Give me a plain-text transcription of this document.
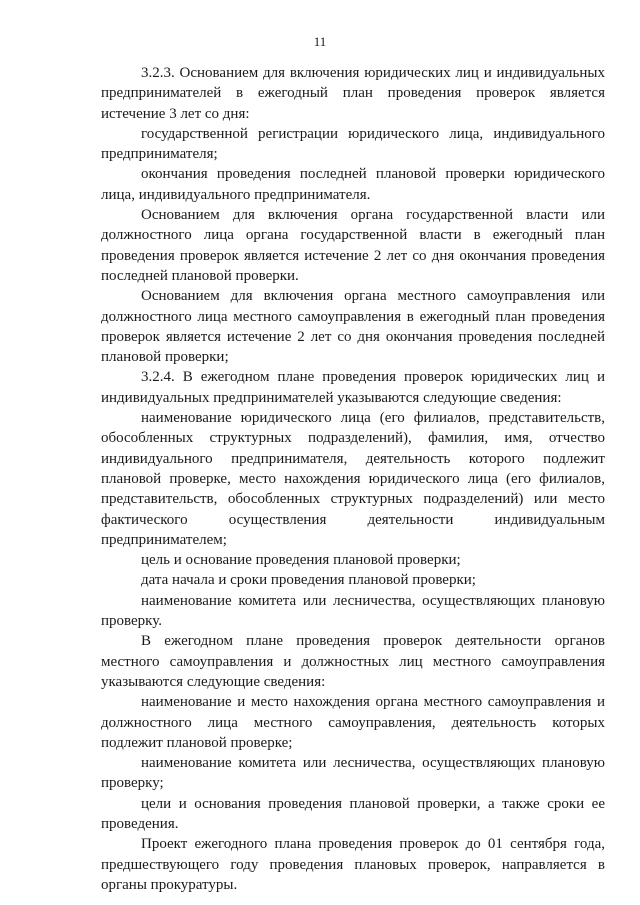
11

3.2.3. Основанием для включения юридических лиц и индивидуальных предпринимателей в ежегодный план проведения проверок является истечение 3 лет со дня:

государственной регистрации юридического лица, индивидуального предпринимателя;

окончания проведения последней плановой проверки юридического лица, индивидуального предпринимателя.

Основанием для включения органа государственной власти или должностного лица органа государственной власти в ежегодный план проведения проверок является истечение 2 лет со дня окончания проведения последней плановой проверки.

Основанием для включения органа местного самоуправления или должностного лица местного самоуправления в ежегодный план проведения проверок является истечение 2 лет со дня окончания проведения последней плановой проверки;

3.2.4. В ежегодном плане проведения проверок юридических лиц и индивидуальных предпринимателей указываются следующие сведения:

наименование юридического лица (его филиалов, представительств, обособленных структурных подразделений), фамилия, имя, отчество индивидуального предпринимателя, деятельность которого подлежит плановой проверке, место нахождения юридического лица (его филиалов, представительств, обособленных структурных подразделений) или место фактического осуществления деятельности индивидуальным предпринимателем;

цель и основание проведения плановой проверки;

дата начала и сроки проведения плановой проверки;

наименование комитета или лесничества, осуществляющих плановую проверку.

В ежегодном плане проведения проверок деятельности органов местного самоуправления и должностных лиц местного самоуправления указываются следующие сведения:

наименование и место нахождения органа местного самоуправления и должностного лица местного самоуправления, деятельность которых подлежит плановой проверке;

наименование комитета или лесничества, осуществляющих плановую проверку;

цели и основания проведения плановой проверки, а также сроки ее проведения.

Проект ежегодного плана проведения проверок до 01 сентября года, предшествующего году проведения плановых проверок, направляется в органы прокуратуры.
